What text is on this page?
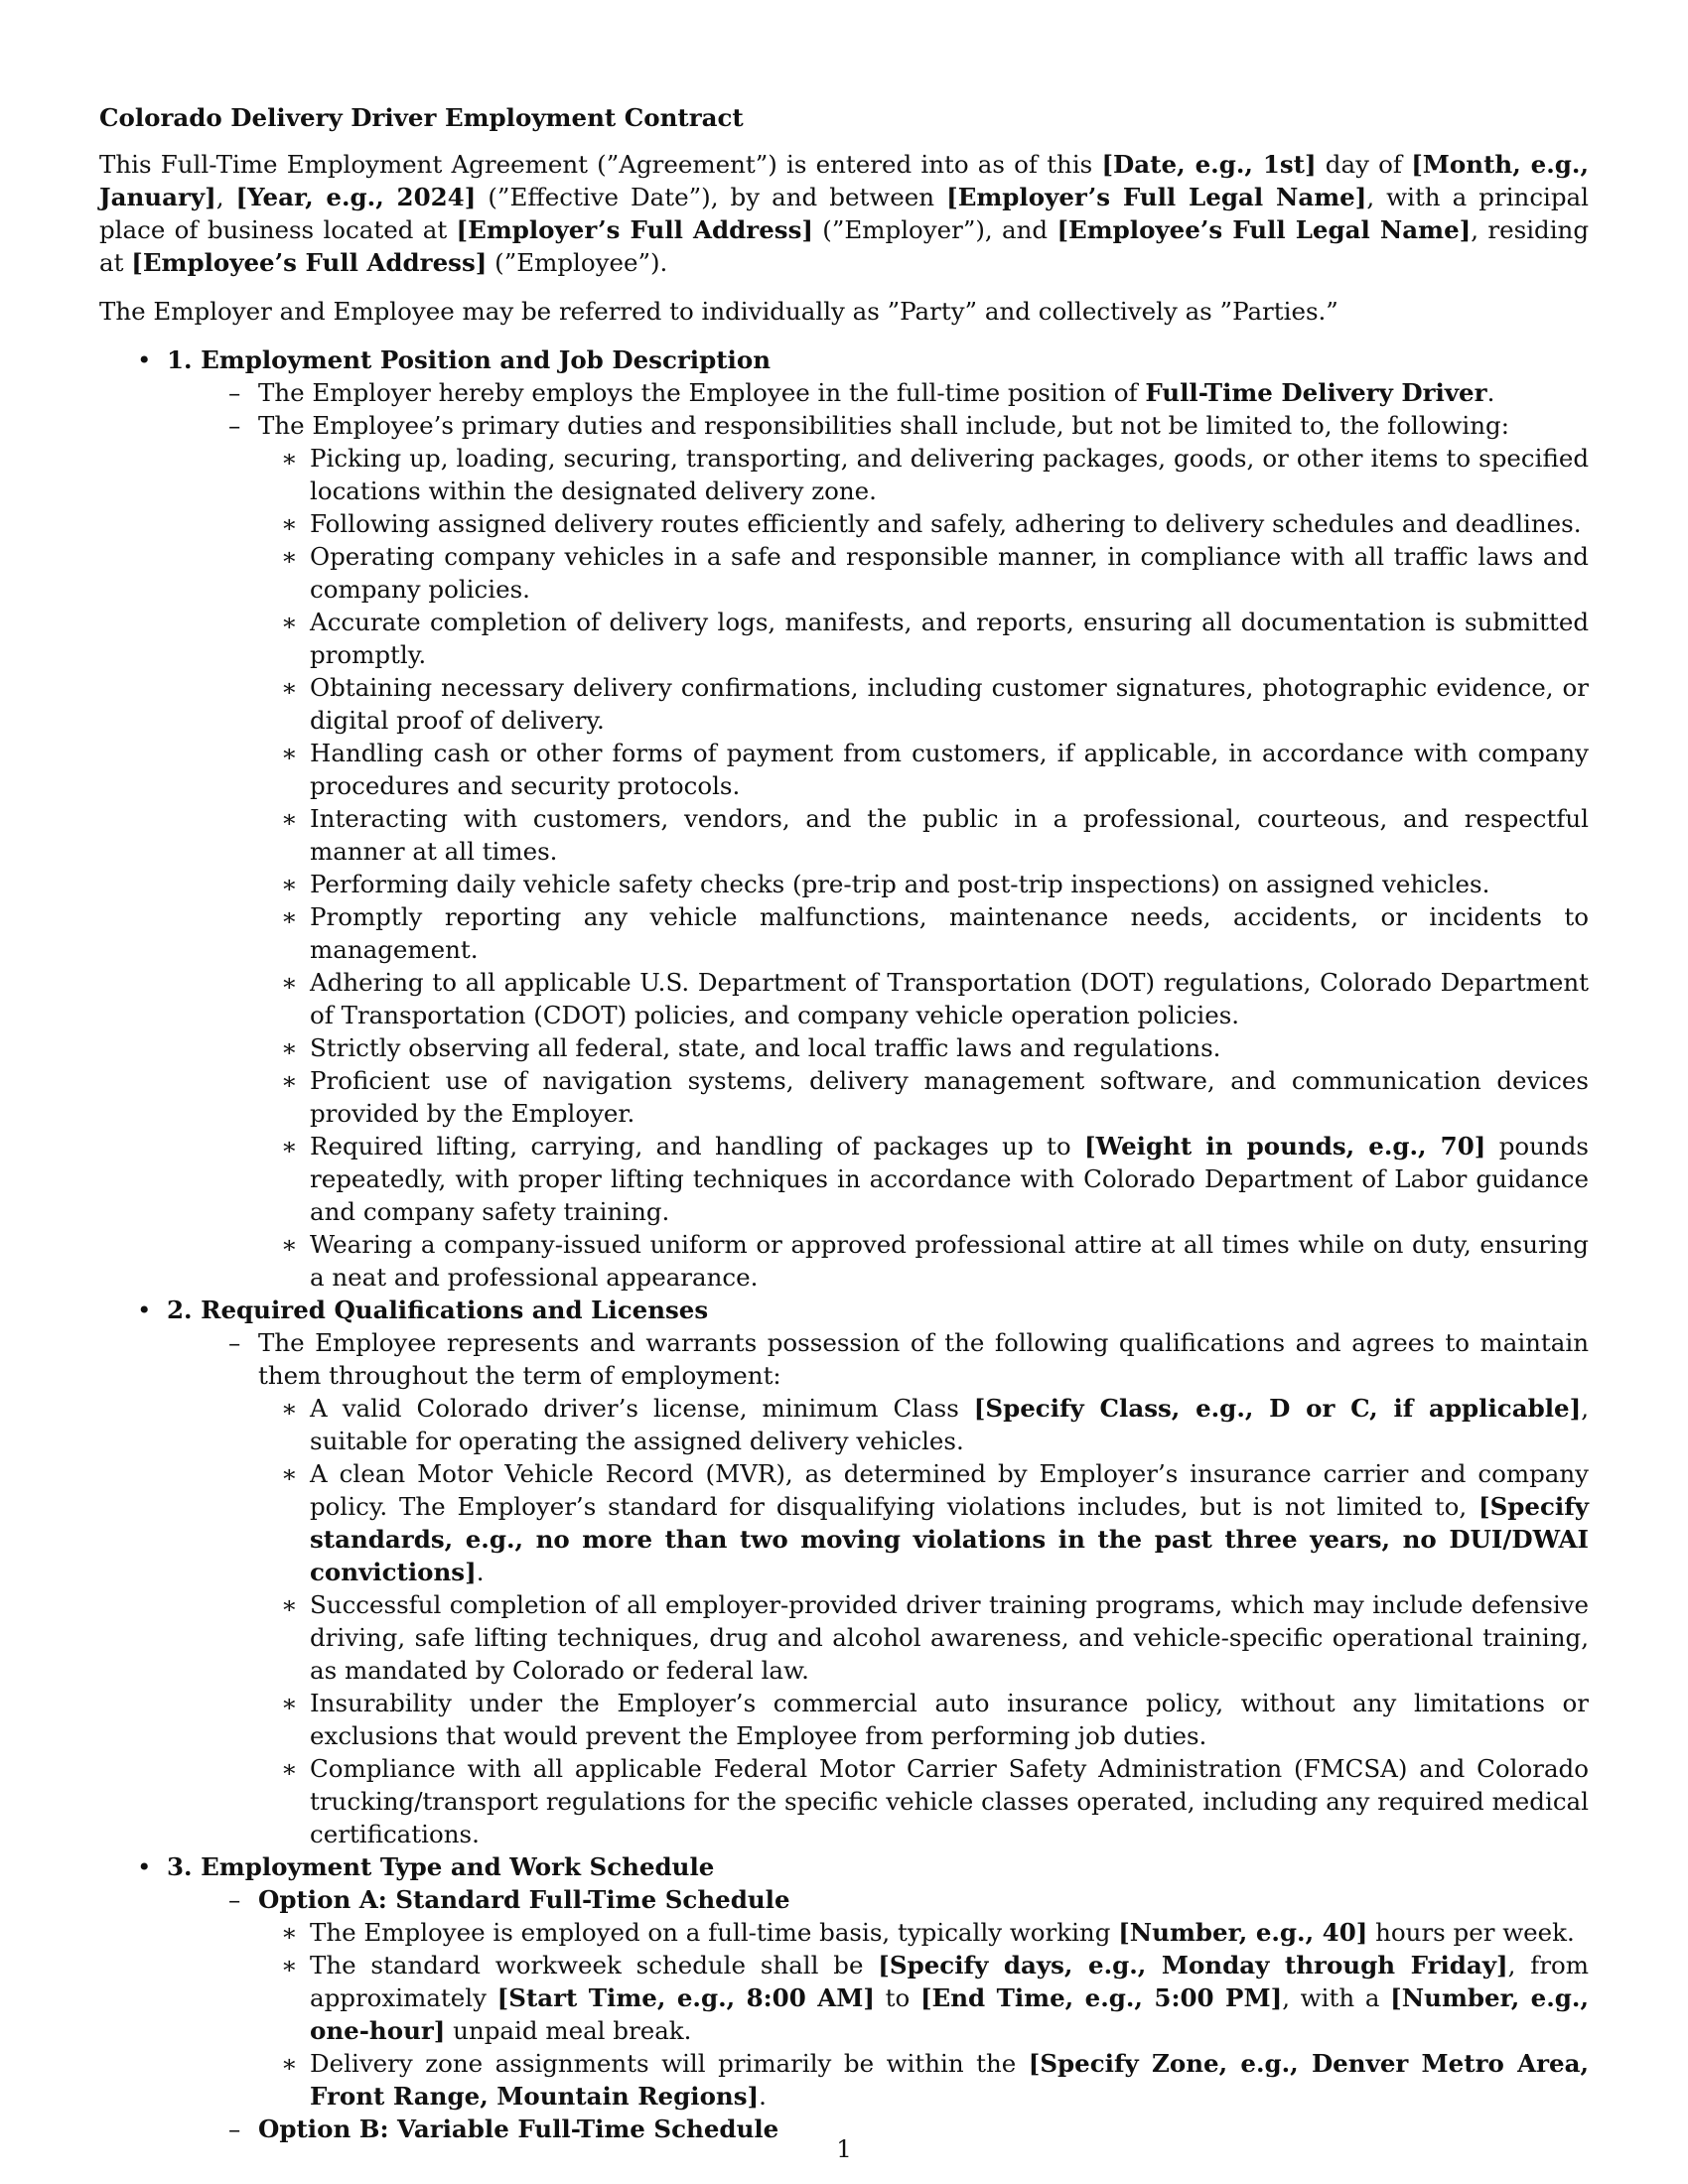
Colorado Delivery Driver Employment Contract

This Full-Time Employment Agreement (”Agreement”) is entered into as of this [Date, e.g., 1st] day of [Month, e.g., January], [Year, e.g., 2024] (”Effective Date”), by and between [Employer’s Full Legal Name], with a principal place of business located at [Employer’s Full Address] (”Employer”), and [Employee’s Full Legal Name], residing at [Employee’s Full Address] (”Employee”).

The Employer and Employee may be referred to individually as ”Party” and collectively as ”Parties.”

• 1. Employment Position and Job Description
– The Employer hereby employs the Employee in the full-time position of Full-Time Delivery Driver.
– The Employee’s primary duties and responsibilities shall include, but not be limited to, the following:
∗ Picking up, loading, securing, transporting, and delivering packages, goods, or other items to specified locations within the designated delivery zone.
∗ Following assigned delivery routes efficiently and safely, adhering to delivery schedules and deadlines.
∗ Operating company vehicles in a safe and responsible manner, in compliance with all traffic laws and company policies.
∗ Accurate completion of delivery logs, manifests, and reports, ensuring all documentation is submitted promptly.
∗ Obtaining necessary delivery confirmations, including customer signatures, photographic evidence, or digital proof of delivery.
∗ Handling cash or other forms of payment from customers, if applicable, in accordance with company procedures and security protocols.
∗ Interacting with customers, vendors, and the public in a professional, courteous, and respectful manner at all times.
∗ Performing daily vehicle safety checks (pre-trip and post-trip inspections) on assigned vehicles.
∗ Promptly reporting any vehicle malfunctions, maintenance needs, accidents, or incidents to management.
∗ Adhering to all applicable U.S. Department of Transportation (DOT) regulations, Colorado Department of Transportation (CDOT) policies, and company vehicle operation policies.
∗ Strictly observing all federal, state, and local traffic laws and regulations.
∗ Proficient use of navigation systems, delivery management software, and communication devices provided by the Employer.
∗ Required lifting, carrying, and handling of packages up to [Weight in pounds, e.g., 70] pounds repeatedly, with proper lifting techniques in accordance with Colorado Department of Labor guidance and company safety training.
∗ Wearing a company-issued uniform or approved professional attire at all times while on duty, ensuring a neat and professional appearance.
• 2. Required Qualifications and Licenses
– The Employee represents and warrants possession of the following qualifications and agrees to maintain them throughout the term of employment:
∗ A valid Colorado driver’s license, minimum Class [Specify Class, e.g., D or C, if applicable], suitable for operating the assigned delivery vehicles.
∗ A clean Motor Vehicle Record (MVR), as determined by Employer’s insurance carrier and company policy. The Employer’s standard for disqualifying violations includes, but is not limited to, [Specify standards, e.g., no more than two moving violations in the past three years, no DUI/DWAI convictions].
∗ Successful completion of all employer-provided driver training programs, which may include defensive driving, safe lifting techniques, drug and alcohol awareness, and vehicle-specific operational training, as mandated by Colorado or federal law.
∗ Insurability under the Employer’s commercial auto insurance policy, without any limitations or exclusions that would prevent the Employee from performing job duties.
∗ Compliance with all applicable Federal Motor Carrier Safety Administration (FMCSA) and Colorado trucking/transport regulations for the specific vehicle classes operated, including any required medical certifications.
• 3. Employment Type and Work Schedule
– Option A: Standard Full-Time Schedule
∗ The Employee is employed on a full-time basis, typically working [Number, e.g., 40] hours per week.
∗ The standard workweek schedule shall be [Specify days, e.g., Monday through Friday], from approximately [Start Time, e.g., 8:00 AM] to [End Time, e.g., 5:00 PM], with a [Number, e.g., one-hour] unpaid meal break.
∗ Delivery zone assignments will primarily be within the [Specify Zone, e.g., Denver Metro Area, Front Range, Mountain Regions].
– Option B: Variable Full-Time Schedule
1
